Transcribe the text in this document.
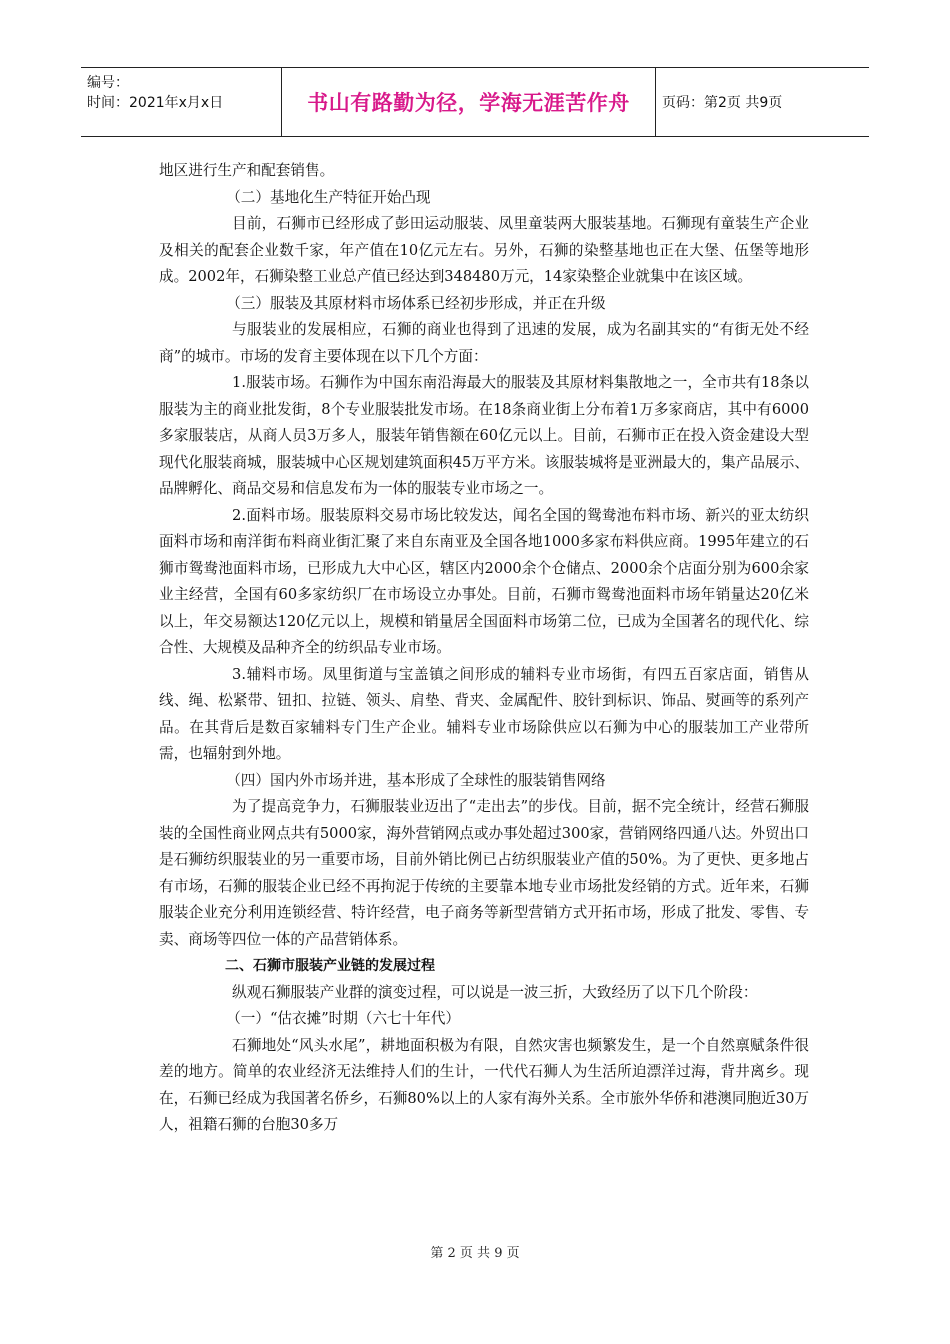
编号：
时间：2021年x月x日	书山有路勤为径，学海无涯苦作舟	页码：第2页 共9页

地区进行生产和配套销售。

（二）基地化生产特征开始凸现

目前，石狮市已经形成了彭田运动服装、凤里童装两大服装基地。石狮现有童装生产企业及相关的配套企业数千家，年产值在10亿元左右。另外，石狮的染整基地也正在大堡、伍堡等地形成。2002年，石狮染整工业总产值已经达到348480万元，14家染整企业就集中在该区域。

（三）服装及其原材料市场体系已经初步形成，并正在升级

与服装业的发展相应，石狮的商业也得到了迅速的发展，成为名副其实的“有街无处不经商”的城市。市场的发育主要体现在以下几个方面：

1.服装市场。石狮作为中国东南沿海最大的服装及其原材料集散地之一，全市共有18条以服装为主的商业批发街，8个专业服装批发市场。在18条商业街上分布着1万多家商店，其中有6000多家服装店，从商人员3万多人，服装年销售额在60亿元以上。目前，石狮市正在投入资金建设大型现代化服装商城，服装城中心区规划建筑面积45万平方米。该服装城将是亚洲最大的，集产品展示、品牌孵化、商品交易和信息发布为一体的服装专业市场之一。

2.面料市场。服装原料交易市场比较发达，闻名全国的鸳鸯池布料市场、新兴的亚太纺织面料市场和南洋街布料商业街汇聚了来自东南亚及全国各地1000多家布料供应商。1995年建立的石狮市鸳鸯池面料市场，已形成九大中心区，辖区内2000余个仓储点、2000余个店面分别为600余家业主经营，全国有60多家纺织厂在市场设立办事处。目前，石狮市鸳鸯池面料市场年销量达20亿米以上，年交易额达120亿元以上，规模和销量居全国面料市场第二位，已成为全国著名的现代化、综合性、大规模及品种齐全的纺织品专业市场。

3.辅料市场。凤里街道与宝盖镇之间形成的辅料专业市场街，有四五百家店面，销售从线、绳、松紧带、钮扣、拉链、领头、肩垫、背夹、金属配件、胶针到标识、饰品、熨画等的系列产品。在其背后是数百家辅料专门生产企业。辅料专业市场除供应以石狮为中心的服装加工产业带所需，也辐射到外地。

（四）国内外市场并进，基本形成了全球性的服装销售网络

为了提高竞争力，石狮服装业迈出了“走出去”的步伐。目前，据不完全统计，经营石狮服装的全国性商业网点共有5000家，海外营销网点或办事处超过300家，营销网络四通八达。外贸出口是石狮纺织服装业的另一重要市场，目前外销比例已占纺织服装业产值的50%。为了更快、更多地占有市场，石狮的服装企业已经不再拘泥于传统的主要靠本地专业市场批发经销的方式。近年来，石狮服装企业充分利用连锁经营、特许经营，电子商务等新型营销方式开拓市场，形成了批发、零售、专卖、商场等四位一体的产品营销体系。

二、石狮市服装产业链的发展过程

纵观石狮服装产业群的演变过程，可以说是一波三折，大致经历了以下几个阶段：

（一）“估衣摊”时期（六七十年代）

石狮地处“风头水尾”，耕地面积极为有限，自然灾害也频繁发生，是一个自然禀赋条件很差的地方。简单的农业经济无法维持人们的生计，一代代石狮人为生活所迫漂洋过海，背井离乡。现在，石狮已经成为我国著名侨乡，石狮80%以上的人家有海外关系。全市旅外华侨和港澳同胞近30万人，祖籍石狮的台胞30多万

第 2 页 共 9 页
